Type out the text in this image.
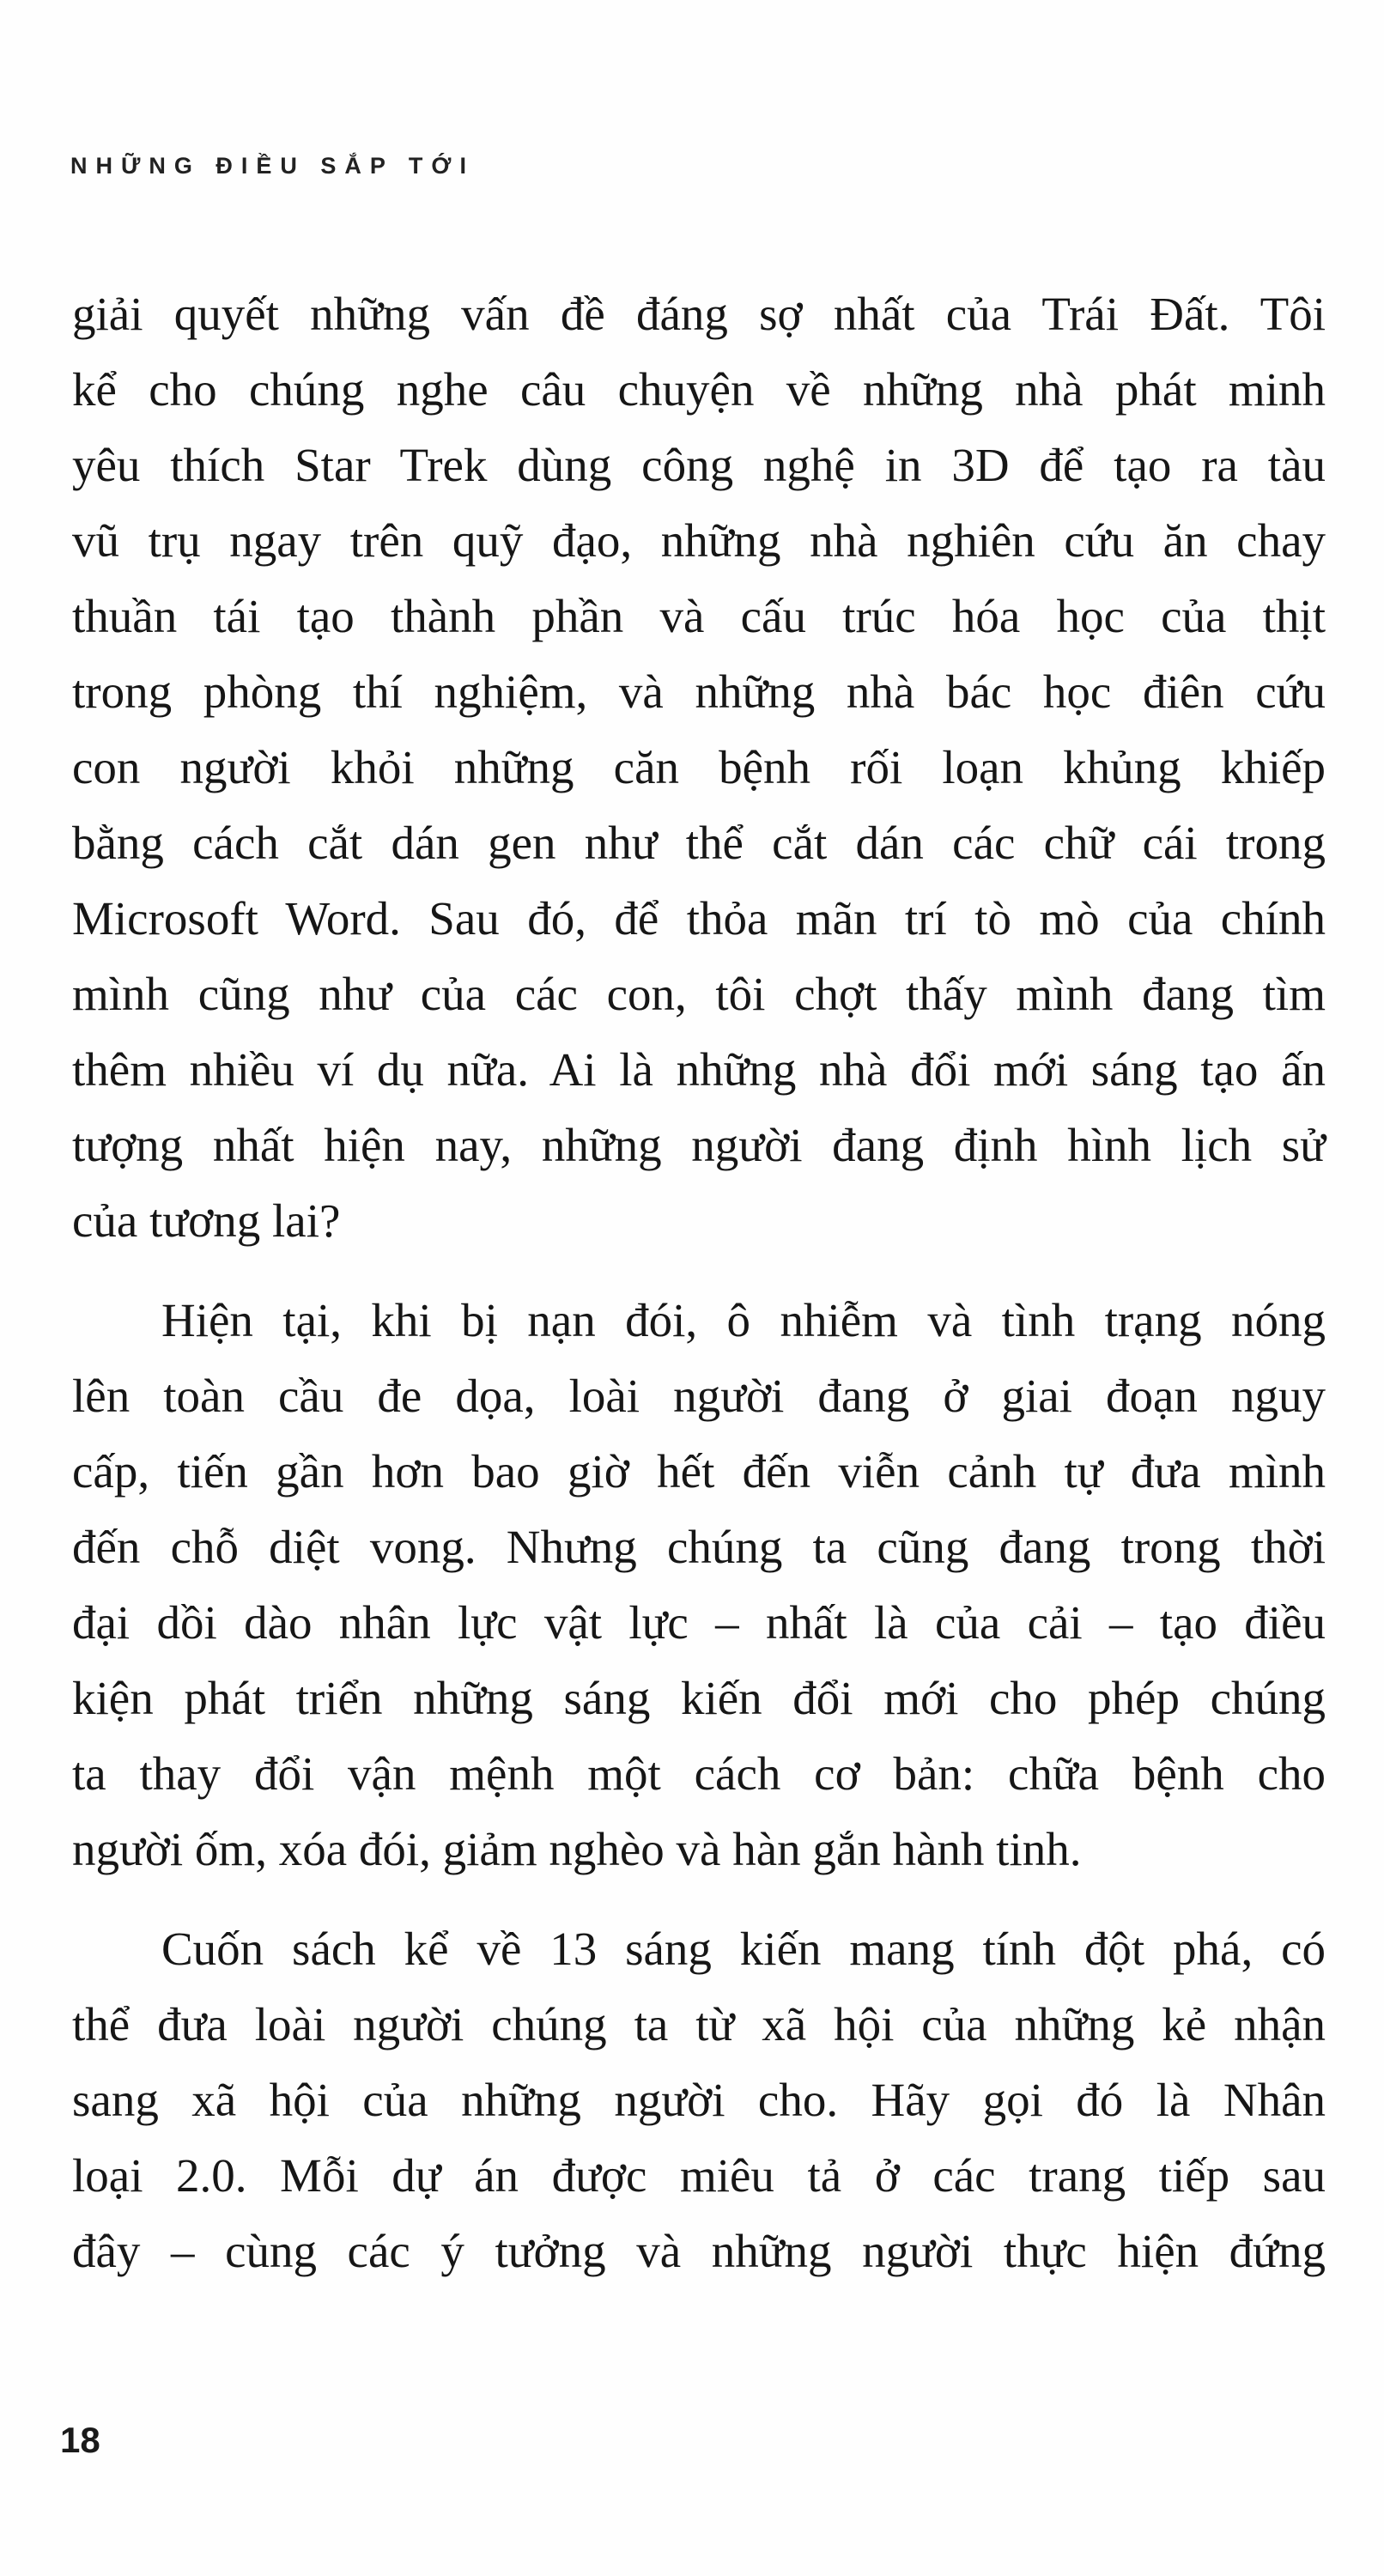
NHỮNG ĐIỀU SẮP TỚI
giải quyết những vấn đề đáng sợ nhất của Trái Đất. Tôi
kể cho chúng nghe câu chuyện về những nhà phát minh
yêu thích Star Trek dùng công nghệ in 3D để tạo ra tàu
vũ trụ ngay trên quỹ đạo, những nhà nghiên cứu ăn chay
thuần tái tạo thành phần và cấu trúc hóa học của thịt
trong phòng thí nghiệm, và những nhà bác học điên cứu
con người khỏi những căn bệnh rối loạn khủng khiếp
bằng cách cắt dán gen như thể cắt dán các chữ cái trong
Microsoft Word. Sau đó, để thỏa mãn trí tò mò của chính
mình cũng như của các con, tôi chợt thấy mình đang tìm
thêm nhiều ví dụ nữa. Ai là những nhà đổi mới sáng tạo ấn
tượng nhất hiện nay, những người đang định hình lịch sử
của tương lai?
Hiện tại, khi bị nạn đói, ô nhiễm và tình trạng nóng
lên toàn cầu đe dọa, loài người đang ở giai đoạn nguy
cấp, tiến gần hơn bao giờ hết đến viễn cảnh tự đưa mình
đến chỗ diệt vong. Nhưng chúng ta cũng đang trong thời
đại dồi dào nhân lực vật lực – nhất là của cải – tạo điều
kiện phát triển những sáng kiến đổi mới cho phép chúng
ta thay đổi vận mệnh một cách cơ bản: chữa bệnh cho
người ốm, xóa đói, giảm nghèo và hàn gắn hành tinh.
Cuốn sách kể về 13 sáng kiến mang tính đột phá, có
thể đưa loài người chúng ta từ xã hội của những kẻ nhận
sang xã hội của những người cho. Hãy gọi đó là Nhân
loại 2.0. Mỗi dự án được miêu tả ở các trang tiếp sau
đây – cùng các ý tưởng và những người thực hiện đứng
18
